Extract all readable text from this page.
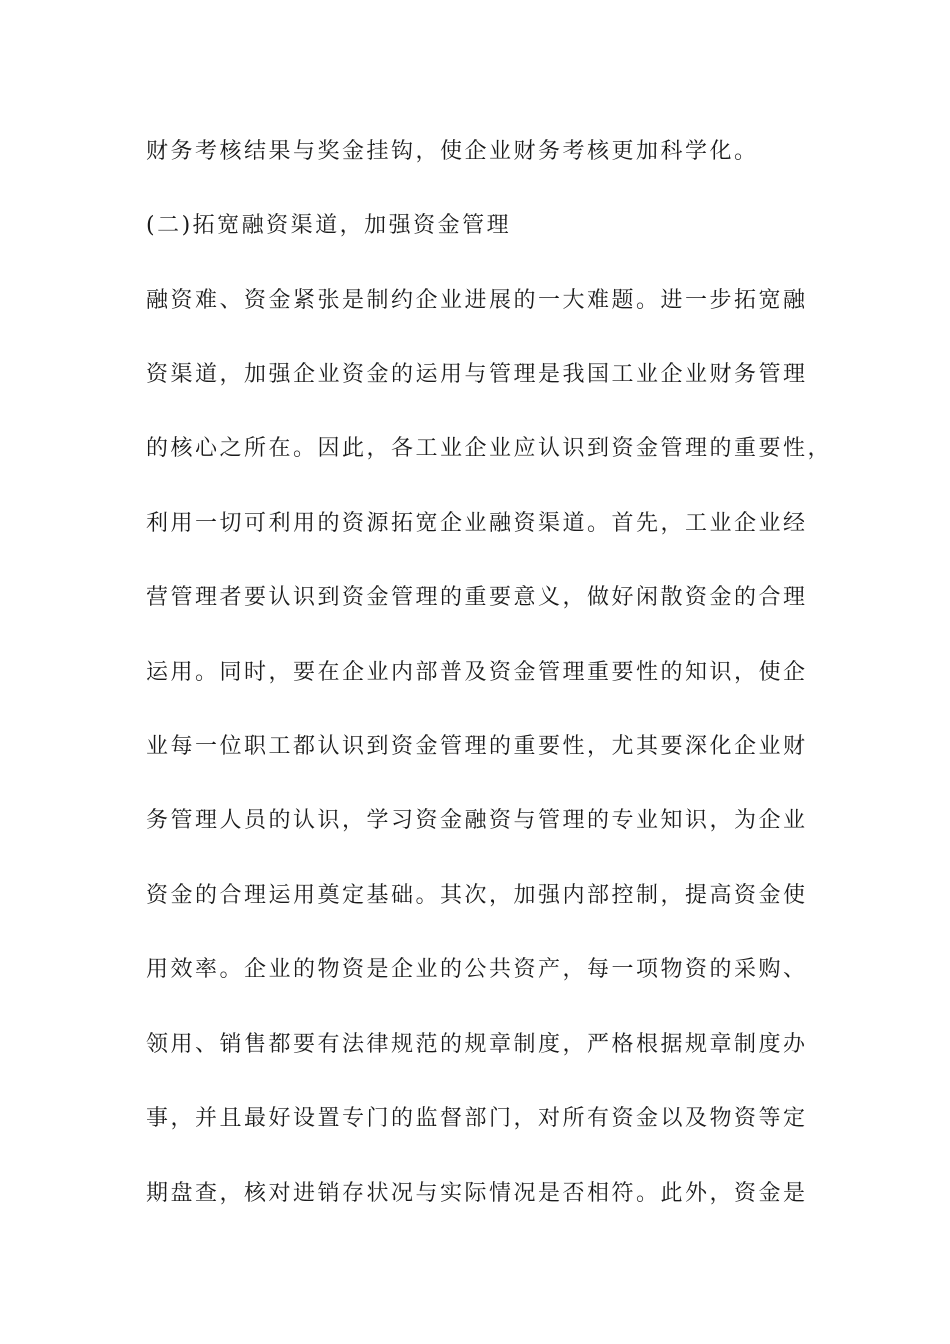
财务考核结果与奖金挂钩，使企业财务考核更加科学化。

(二)拓宽融资渠道，加强资金管理

融资难、资金紧张是制约企业进展的一大难题。进一步拓宽融

资渠道，加强企业资金的运用与管理是我国工业企业财务管理

的核心之所在。因此，各工业企业应认识到资金管理的重要性，

利用一切可利用的资源拓宽企业融资渠道。首先，工业企业经

营管理者要认识到资金管理的重要意义，做好闲散资金的合理

运用。同时，要在企业内部普及资金管理重要性的知识，使企

业每一位职工都认识到资金管理的重要性，尤其要深化企业财

务管理人员的认识，学习资金融资与管理的专业知识，为企业

资金的合理运用奠定基础。其次，加强内部控制，提高资金使

用效率。企业的物资是企业的公共资产，每一项物资的采购、

领用、销售都要有法律规范的规章制度，严格根据规章制度办

事，并且最好设置专门的监督部门，对所有资金以及物资等定

期盘查，核对进销存状况与实际情况是否相符。此外，资金是
